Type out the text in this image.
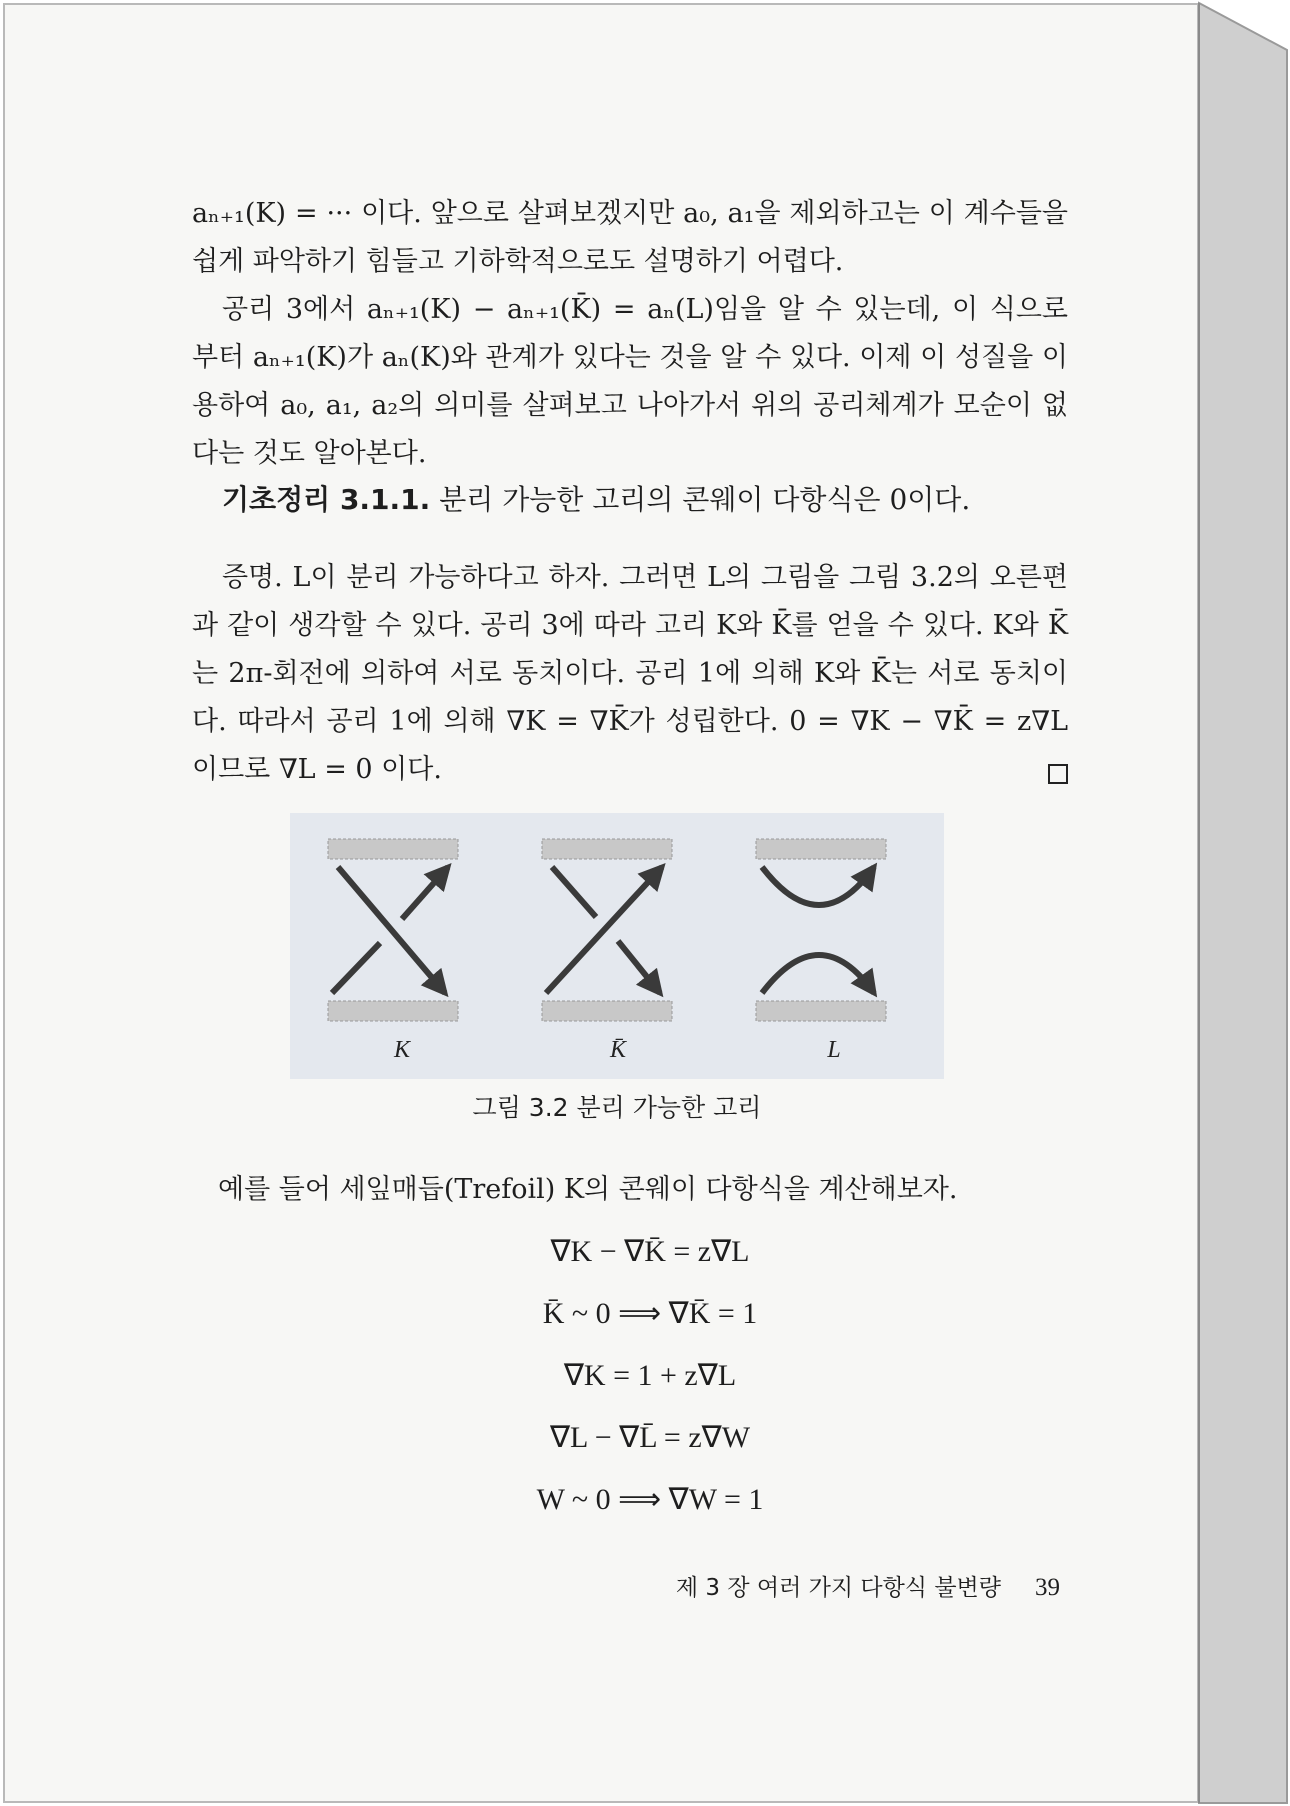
aₙ₊₁(K) = ··· 이다. 앞으로 살펴보겠지만 a₀, a₁을 제외하고는 이 계수들을 쉽게 파악하기 힘들고 기하학적으로도 설명하기 어렵다.

공리 3에서 aₙ₊₁(K) − aₙ₊₁(K̄) = aₙ(L)임을 알 수 있는데, 이 식으로 부터 aₙ₊₁(K)가 aₙ(K)와 관계가 있다는 것을 알 수 있다. 이제 이 성질을 이용하여 a₀, a₁, a₂의 의미를 살펴보고 나아가서 위의 공리체계가 모순이 없다는 것도 알아본다.

기초정리 3.1.1. 분리 가능한 고리의 콘웨이 다항식은 0이다.

증명. L이 분리 가능하다고 하자. 그러면 L의 그림을 그림 3.2의 오른편과 같이 생각할 수 있다. 공리 3에 따라 고리 K와 K̄를 얻을 수 있다. K와 K̄ 는 2π-회전에 의하여 서로 동치이다. 공리 1에 의해 K와 K̄는 서로 동치이다. 따라서 공리 1에 의해 ∇K = ∇K̄가 성립한다. 0 = ∇K − ∇K̄ = z∇L 이므로 ∇L = 0 이다.

K	K̄	L
그림 3.2 분리 가능한 고리

예를 들어 세잎매듭(Trefoil) K의 콘웨이 다항식을 계산해보자.

∇K − ∇K̄ = z∇L
K̄ ~ 0 ⟹ ∇K̄ = 1
∇K = 1 + z∇L
∇L − ∇L̄ = z∇W
W ~ 0 ⟹ ∇W = 1
제 3 장 여러 가지 다항식 불변량 39
